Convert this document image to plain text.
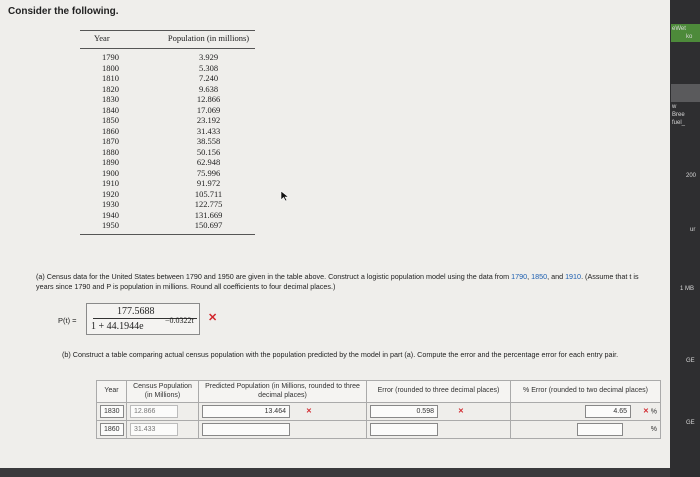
Consider the following.
Year	Population (in millions)
1790	3.929
1800	5.308
1810	7.240
1820	9.638
1830	12.866
1840	17.069
1850	23.192
1860	31.433
1870	38.558
1880	50.156
1890	62.948
1900	75.996
1910	91.972
1920	105.711
1930	122.775
1940	131.669
1950	150.697
(a) Census data for the United States between 1790 and 1950 are given in the table above. Construct a logistic population model using the data from 1790, 1850, and 1910. (Assume that t is years since 1790 and P is population in millions. Round all coefficients to four decimal places.)
P(t) =
177.5688
1 + 44.1944e
−0.0322t ✕
(b) Construct a table comparing actual census population with the population predicted by the model in part (a). Compute the error and the percentage error for each entry pair.
Year	Census Population (in Millions)	Predicted Population (in Millions, rounded to three decimal places)	Error (rounded to three decimal places)	% Error (rounded to two decimal places)
1830	12.866	13.464 ✕	0.598 ✕	4.65 ✕ %
1860	31.433			%
eWet
ko
w
Bree
fuel_
200
ur
1 MB
GE
GE
